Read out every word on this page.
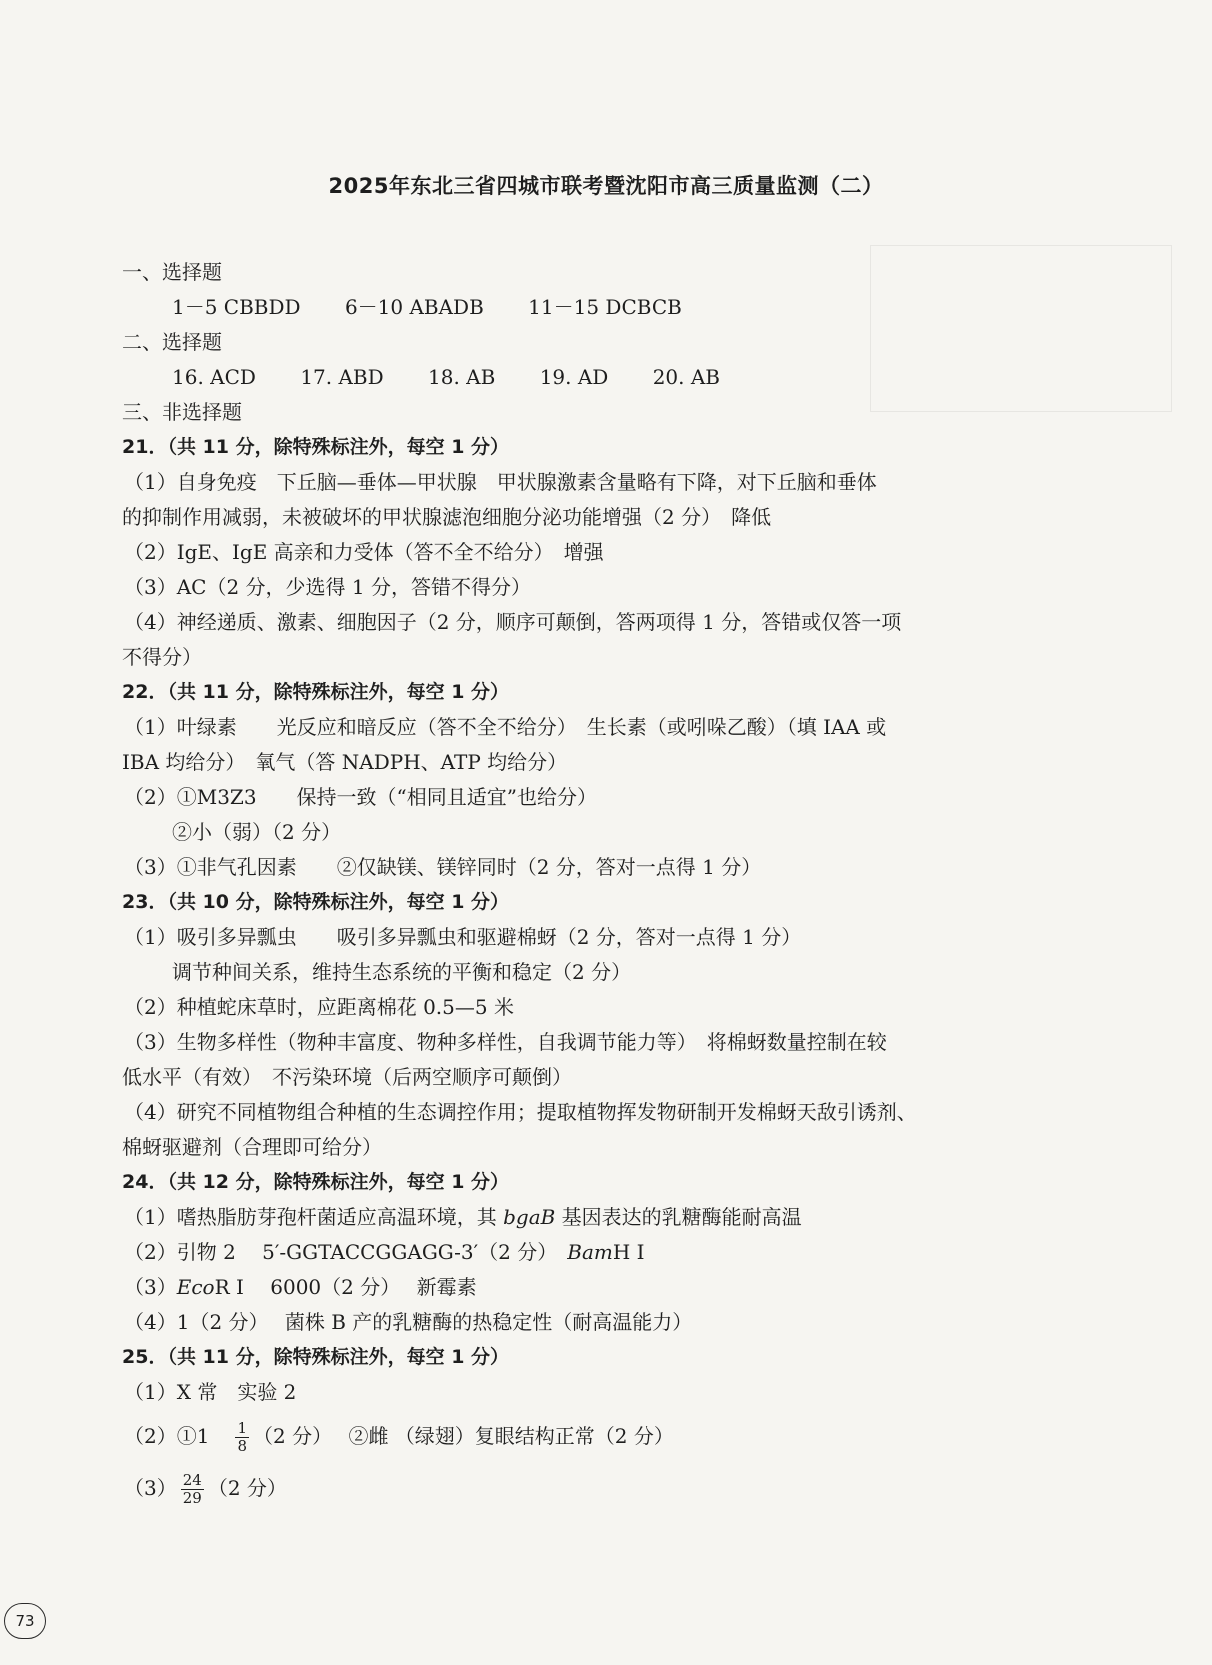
2025年东北三省四城市联考暨沈阳市高三质量监测（二）
一、选择题
1－5 CBBDD 6－10 ABADB 11－15 DCBCB
二、选择题
16. ACD 17. ABD 18. AB 19. AD 20. AB
三、非选择题
21．（共 11 分，除特殊标注外，每空 1 分）
（1）自身免疫　下丘脑—垂体—甲状腺　甲状腺激素含量略有下降，对下丘脑和垂体
的抑制作用减弱，未被破坏的甲状腺滤泡细胞分泌功能增强（2 分）　降低
（2）IgE、IgE 高亲和力受体（答不全不给分）　增强
（3）AC（2 分，少选得 1 分，答错不得分）
（4）神经递质、激素、细胞因子（2 分，顺序可颠倒，答两项得 1 分，答错或仅答一项
不得分）
22．（共 11 分，除特殊标注外，每空 1 分）
（1）叶绿素　　光反应和暗反应（答不全不给分）　生长素（或吲哚乙酸）（填 IAA 或
IBA 均给分）　氧气（答 NADPH、ATP 均给分）
（2）①M3Z3　　保持一致（“相同且适宜”也给分）
②小（弱）（2 分）
（3）①非气孔因素　　②仅缺镁、镁锌同时（2 分，答对一点得 1 分）
23．（共 10 分，除特殊标注外，每空 1 分）
（1）吸引多异瓢虫　　吸引多异瓢虫和驱避棉蚜（2 分，答对一点得 1 分）
调节种间关系，维持生态系统的平衡和稳定（2 分）
（2）种植蛇床草时，应距离棉花 0.5—5 米
（3）生物多样性（物种丰富度、物种多样性，自我调节能力等）　将棉蚜数量控制在较
低水平（有效）　不污染环境（后两空顺序可颠倒）
（4）研究不同植物组合种植的生态调控作用；提取植物挥发物研制开发棉蚜天敌引诱剂、
棉蚜驱避剂（合理即可给分）
24．（共 12 分，除特殊标注外，每空 1 分）
（1）嗜热脂肪芽孢杆菌适应高温环境，其 bgaB 基因表达的乳糖酶能耐高温
（2）引物 2　 5′-GGTACCGGAGG-3′（2 分）　BamH I
（3）EcoR I　 6000（2 分）　 新霉素
（4）1（2 分）　 菌株 B 产的乳糖酶的热稳定性（耐高温能力）
25．（共 11 分，除特殊标注外，每空 1 分）
（1）X 常　实验 2
（2）①1 $\frac{1}{8} (2$ 分）　 ②雌 （绿翅）复眼结构正常（2 分）
$(3) \frac{24}{29} (2$ 分）
73
